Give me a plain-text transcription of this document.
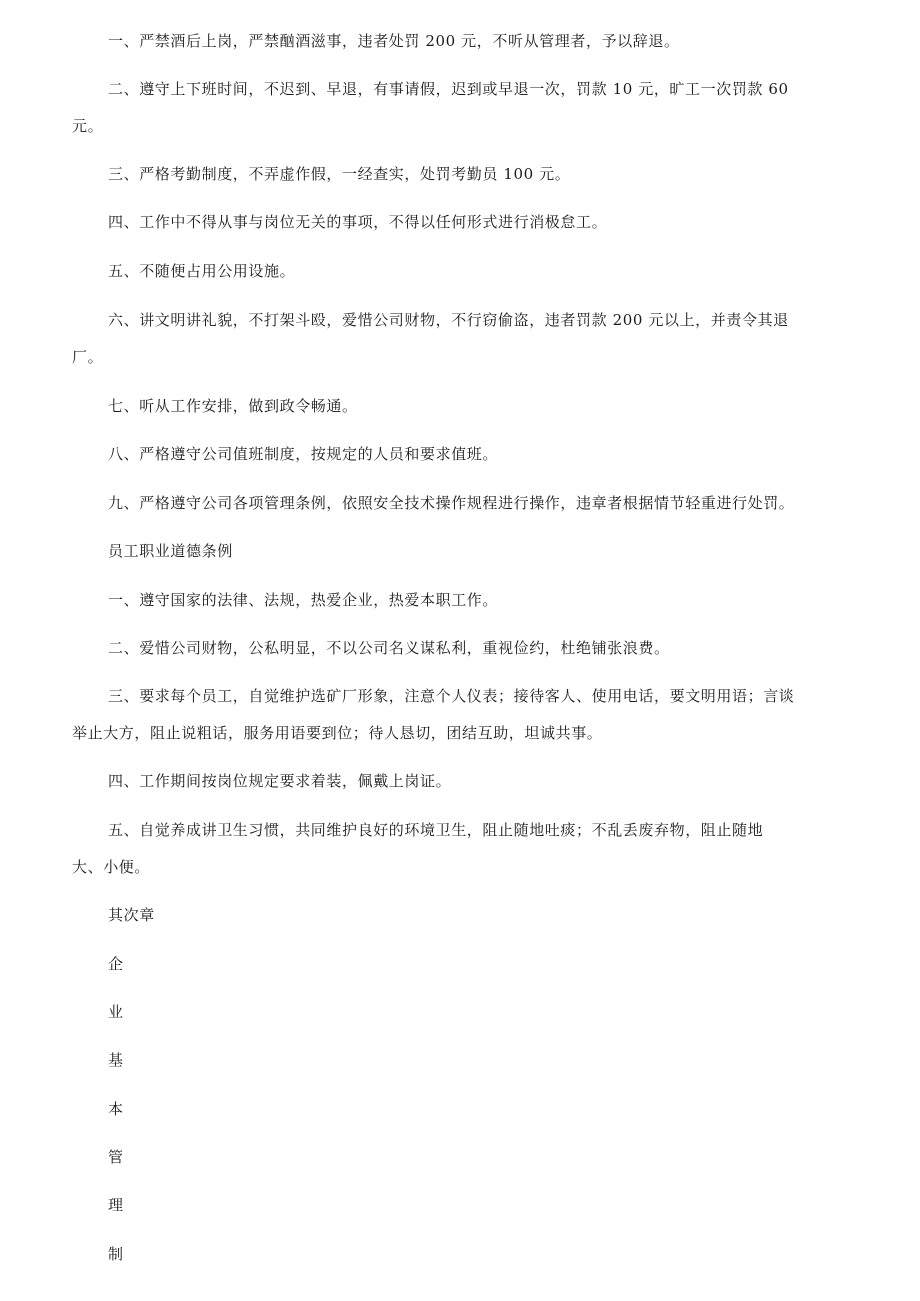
一、严禁酒后上岗，严禁酗酒滋事，违者处罚 200 元，不听从管理者，予以辞退。
二、遵守上下班时间，不迟到、早退，有事请假，迟到或早退一次，罚款 10 元，旷工一次罚款 60
元。
三、严格考勤制度，不弄虚作假，一经查实，处罚考勤员 100 元。
四、工作中不得从事与岗位无关的事项，不得以任何形式进行消极怠工。
五、不随便占用公用设施。
六、讲文明讲礼貌，不打架斗殴，爱惜公司财物，不行窃偷盗，违者罚款 200 元以上，并责令其退
厂。
七、听从工作安排，做到政令畅通。
八、严格遵守公司值班制度，按规定的人员和要求值班。
九、严格遵守公司各项管理条例，依照安全技术操作规程进行操作，违章者根据情节轻重进行处罚。
员工职业道德条例
一、遵守国家的法律、法规，热爱企业，热爱本职工作。
二、爱惜公司财物，公私明显，不以公司名义谋私利，重视俭约，杜绝铺张浪费。
三、要求每个员工，自觉维护选矿厂形象，注意个人仪表；接待客人、使用电话，要文明用语；言谈
举止大方，阻止说粗话，服务用语要到位；待人恳切，团结互助，坦诚共事。
四、工作期间按岗位规定要求着装，佩戴上岗证。
五、自觉养成讲卫生习惯，共同维护良好的环境卫生，阻止随地吐痰；不乱丢废弃物，阻止随地
大、小便。
其次章
企
业
基
本
管
理
制
